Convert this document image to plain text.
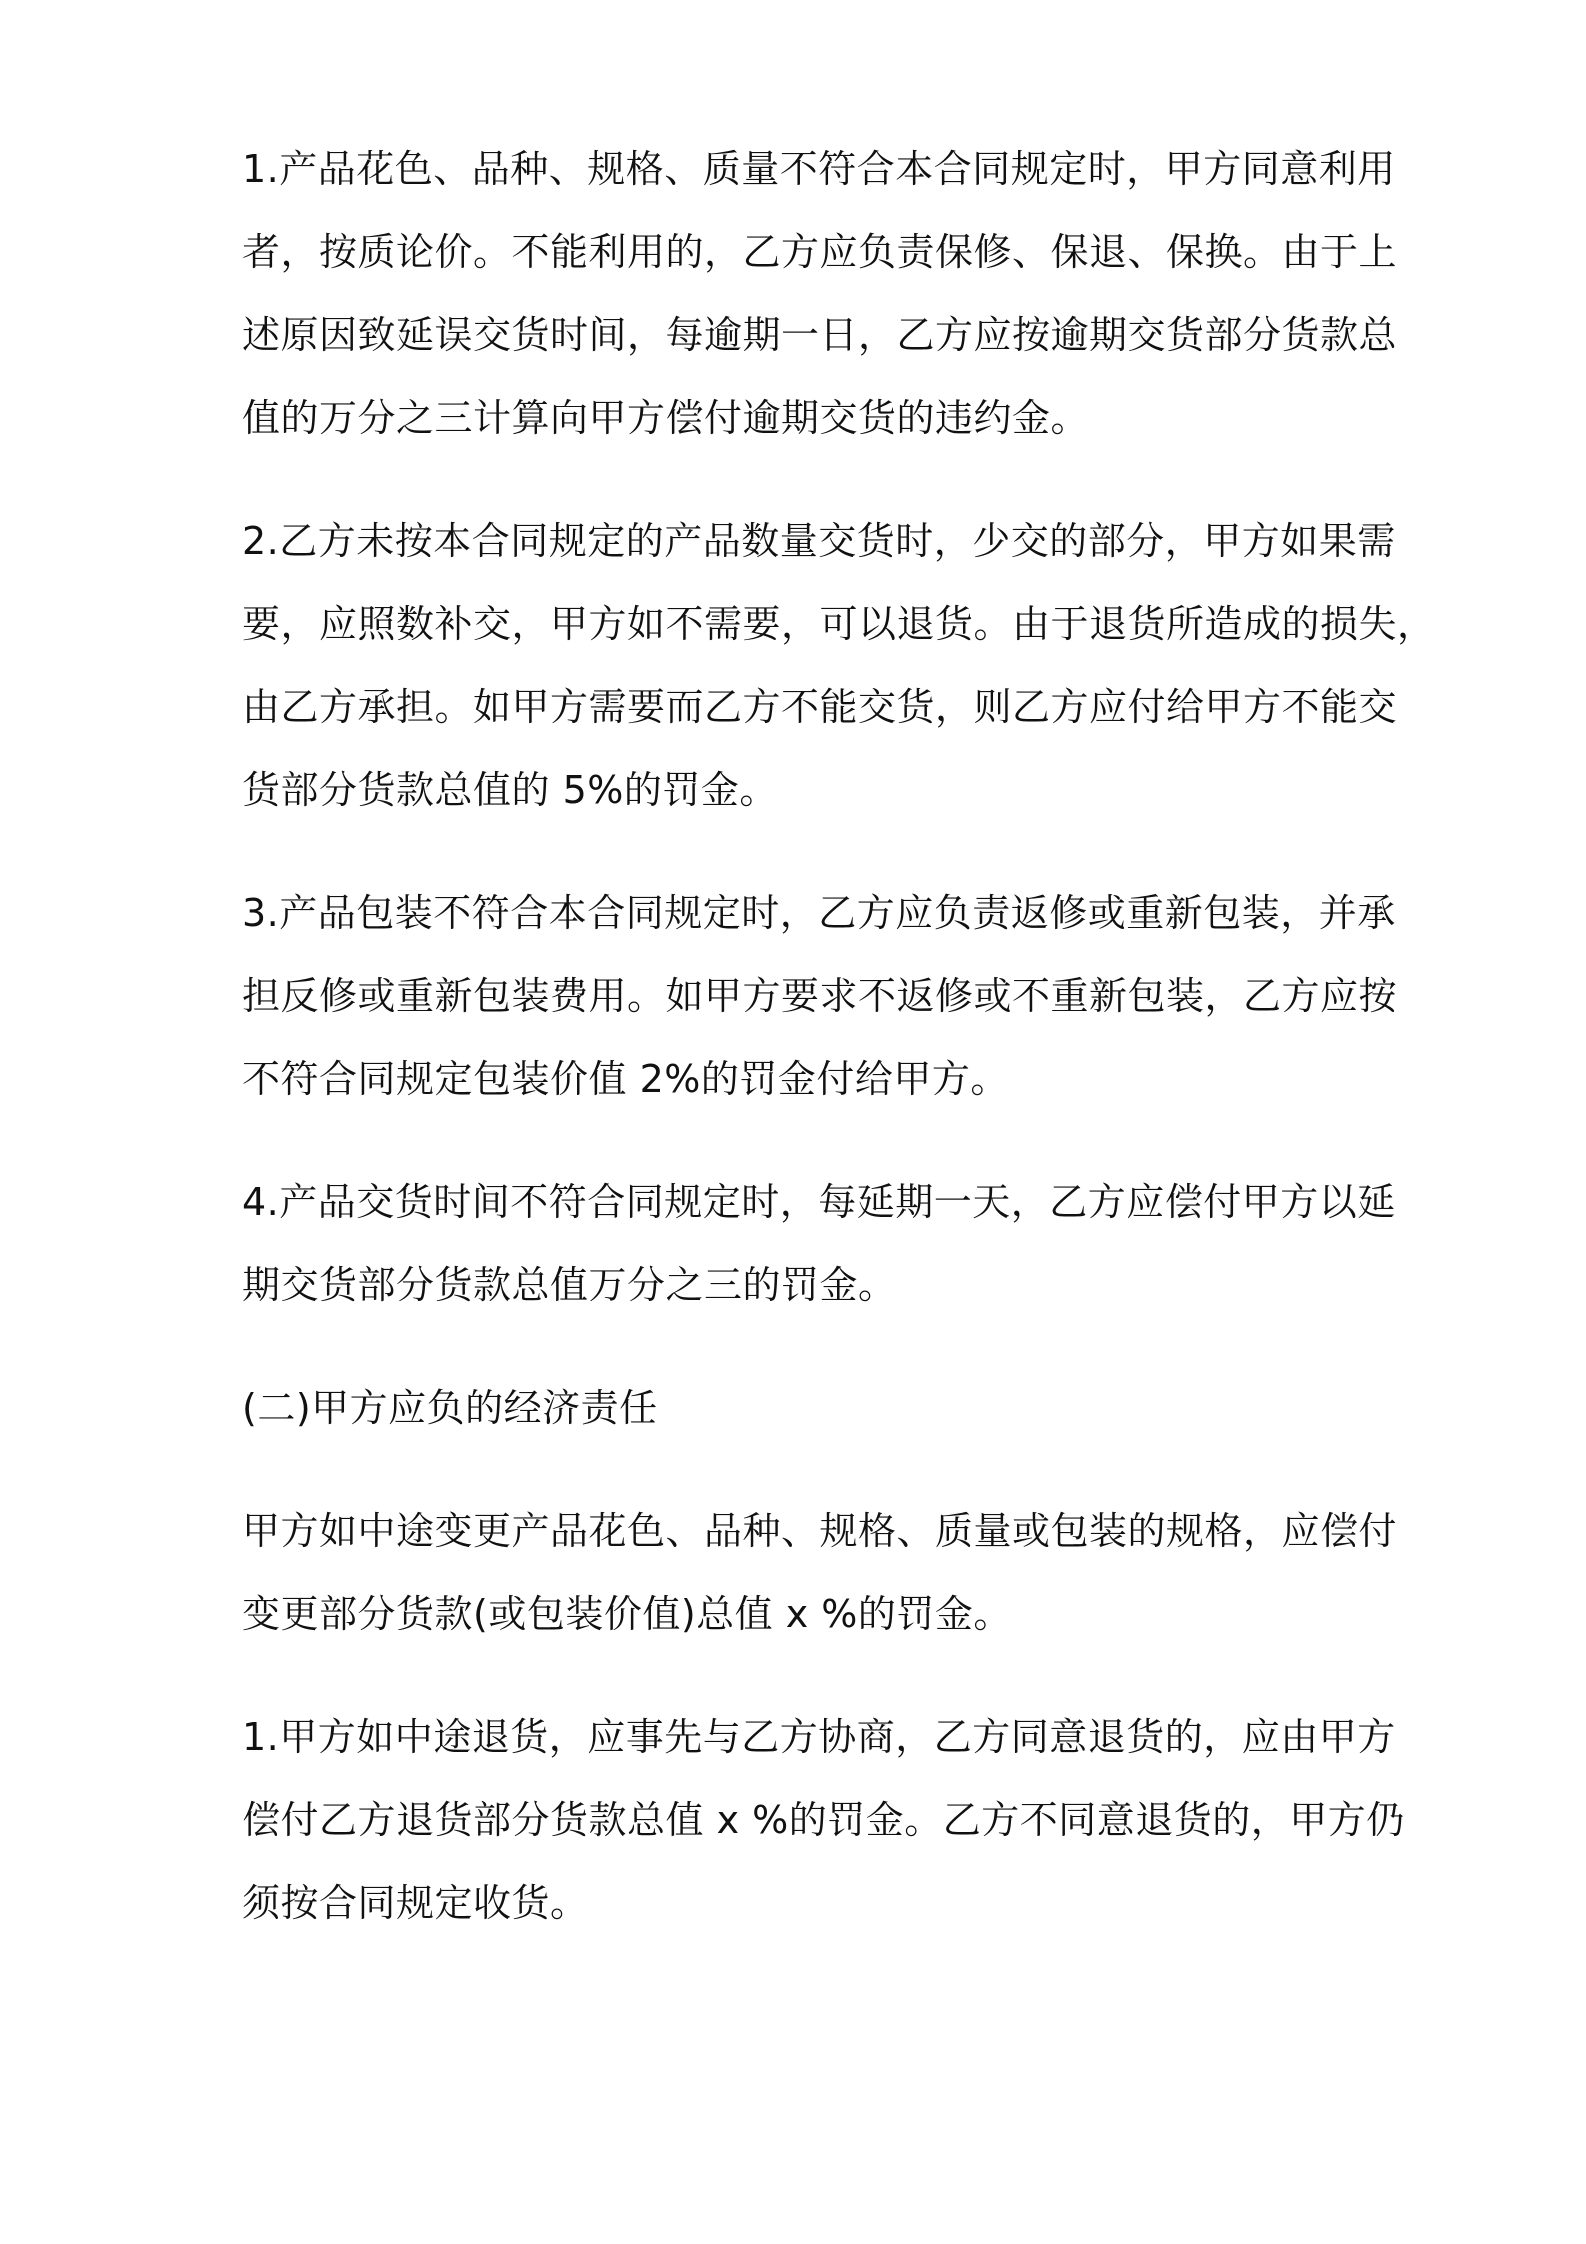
1.产品花色、品种、规格、质量不符合本合同规定时，甲方同意利用
者，按质论价。不能利用的，乙方应负责保修、保退、保换。由于上
述原因致延误交货时间，每逾期一日，乙方应按逾期交货部分货款总
值的万分之三计算向甲方偿付逾期交货的违约金。
2.乙方未按本合同规定的产品数量交货时，少交的部分，甲方如果需
要，应照数补交，甲方如不需要，可以退货。由于退货所造成的损失，
由乙方承担。如甲方需要而乙方不能交货，则乙方应付给甲方不能交
货部分货款总值的 5%的罚金。
3.产品包装不符合本合同规定时，乙方应负责返修或重新包装，并承
担反修或重新包装费用。如甲方要求不返修或不重新包装，乙方应按
不符合同规定包装价值 2%的罚金付给甲方。
4.产品交货时间不符合同规定时，每延期一天，乙方应偿付甲方以延
期交货部分货款总值万分之三的罚金。
(二)甲方应负的经济责任
甲方如中途变更产品花色、品种、规格、质量或包装的规格，应偿付
变更部分货款(或包装价值)总值 x %的罚金。
1.甲方如中途退货，应事先与乙方协商，乙方同意退货的，应由甲方
偿付乙方退货部分货款总值 x %的罚金。乙方不同意退货的，甲方仍
须按合同规定收货。
